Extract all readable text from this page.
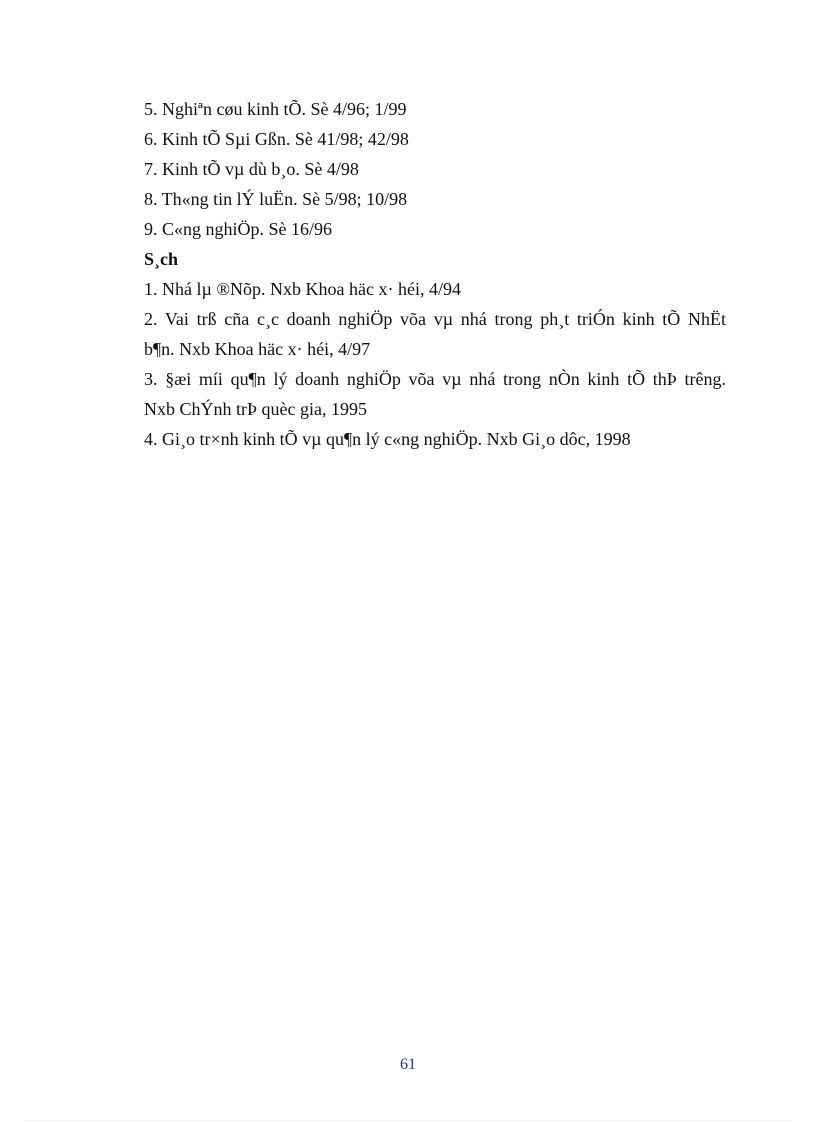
5. Nghiªn cøu kinh tÕ. Sè 4/96; 1/99
6. Kinh tÕ Sµi Gßn. Sè 41/98; 42/98
7. Kinh tÕ vµ dù b¸o. Sè 4/98
8. Th«ng tin lÝ luËn. Sè 5/98; 10/98
9. C«ng nghiÖp. Sè 16/96
S¸ch
1. Nhá lµ ®Nõp. Nxb Khoa häc x· héi, 4/94
2. Vai trß cña c¸c doanh nghiÖp võa vµ nhá trong ph¸t triÓn kinh tÕ NhËt
b¶n. Nxb Khoa häc x· héi, 4/97
3. §æi míi qu¶n lý doanh nghiÖp võa vµ nhá trong nÒn kinh tÕ thÞ trêng.
Nxb ChÝnh trÞ quèc gia, 1995
4. Gi¸o tr×nh kinh tÕ vµ qu¶n lý c«ng nghiÖp. Nxb Gi¸o dôc, 1998
61
